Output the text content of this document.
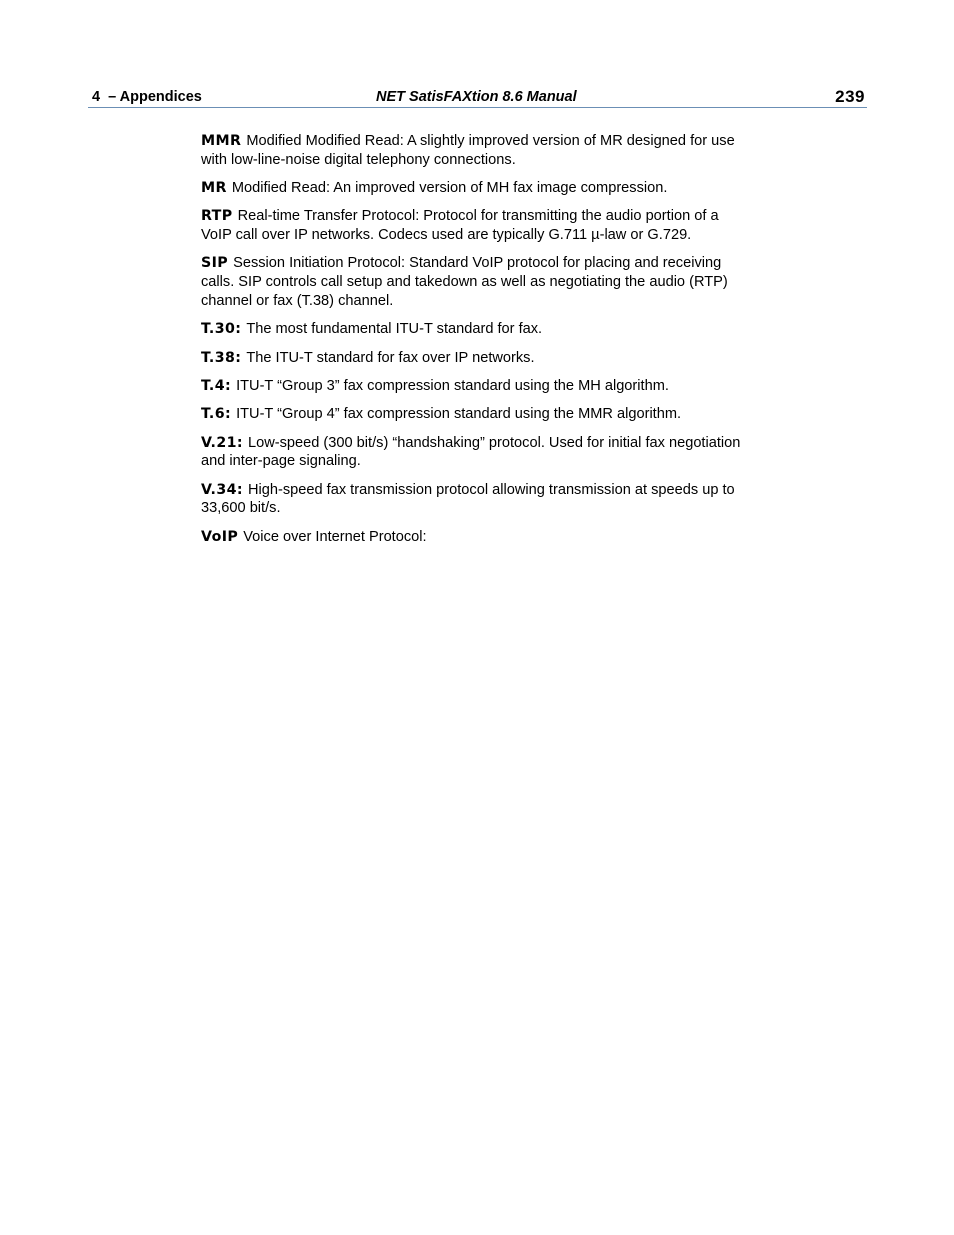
4  – Appendices	NET SatisFAXtion 8.6 Manual	239

MMR Modified Modified Read: A slightly improved version of MR designed for use with low-line-noise digital telephony connections.

MR Modified Read: An improved version of MH fax image compression.

RTP Real-time Transfer Protocol: Protocol for transmitting the audio portion of a VoIP call over IP networks. Codecs used are typically G.711 µ-law or G.729.

SIP Session Initiation Protocol: Standard VoIP protocol for placing and receiving calls. SIP controls call setup and takedown as well as negotiating the audio (RTP) channel or fax (T.38) channel.

T.30: The most fundamental ITU-T standard for fax.

T.38: The ITU-T standard for fax over IP networks.

T.4: ITU-T “Group 3” fax compression standard using the MH algorithm.

T.6: ITU-T “Group 4” fax compression standard using the MMR algorithm.

V.21: Low-speed (300 bit/s) “handshaking” protocol. Used for initial fax negotiation and inter-page signaling.

V.34: High-speed fax transmission protocol allowing transmission at speeds up to 33,600 bit/s.

VoIP Voice over Internet Protocol:
